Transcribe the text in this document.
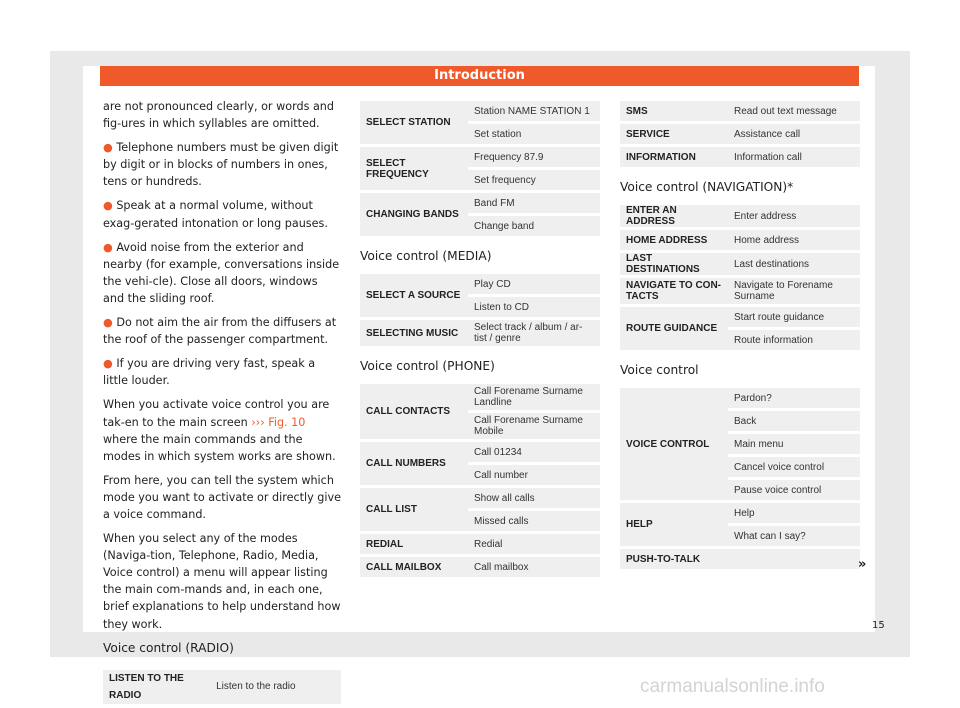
Introduction

are not pronounced clearly, or words and fig-ures in which syllables are omitted.

● Telephone numbers must be given digit by digit or in blocks of numbers in ones, tens or hundreds.

● Speak at a normal volume, without exag-gerated intonation or long pauses.

● Avoid noise from the exterior and nearby (for example, conversations inside the vehi-cle). Close all doors, windows and the sliding roof.

● Do not aim the air from the diffusers at the roof of the passenger compartment.

● If you are driving very fast, speak a little louder.

When you activate voice control you are tak-en to the main screen ››› Fig. 10 where the main commands and the modes in which system works are shown.

From here, you can tell the system which mode you want to activate or directly give a voice command.

When you select any of the modes (Naviga-tion, Telephone, Radio, Media, Voice control) a menu will appear listing the main com-mands and, in each one, brief explanations to help understand how they work.

Voice control (RADIO)
LISTEN TO THE RADIO	Listen to the radio
SELECT STATION	Station NAME STATION 1
	Set station
SELECT FREQUENCY	Frequency 87.9
	Set frequency
CHANGING BANDS	Band FM
	Change band
Voice control (MEDIA)
SELECT A SOURCE	Play CD
	Listen to CD
SELECTING MUSIC	Select track / album / ar-tist / genre
Voice control (PHONE)
CALL CONTACTS	Call Forename Surname Landline
	Call Forename Surname Mobile
CALL NUMBERS	Call 01234
	Call number
CALL LIST	Show all calls
	Missed calls
REDIAL	Redial
CALL MAILBOX	Call mailbox
SMS	Read out text message
SERVICE	Assistance call
INFORMATION	Information call
Voice control (NAVIGATION)*
ENTER AN ADDRESS	Enter address
HOME ADDRESS	Home address
LAST DESTINATIONS	Last destinations
NAVIGATE TO CON-TACTS	Navigate to Forename Surname
ROUTE GUIDANCE	Start route guidance
	Route information
Voice control
VOICE CONTROL	Pardon?
	Back
	Main menu
	Cancel voice control
	Pause voice control
HELP	Help
	What can I say?
PUSH-TO-TALK		»
15
carmanualsonline.info
